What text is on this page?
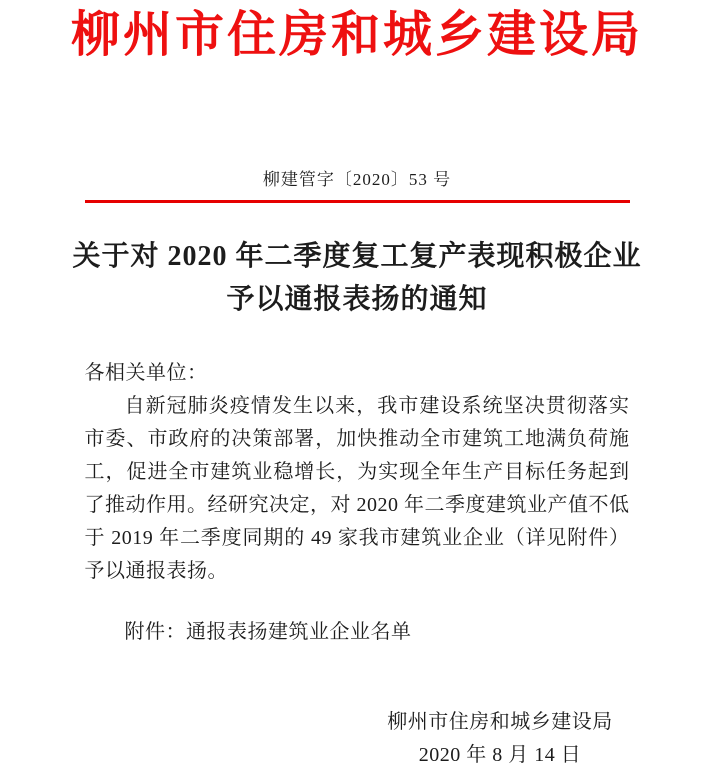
柳州市住房和城乡建设局
柳建管字〔2020〕53 号
关于对 2020 年二季度复工复产表现积极企业
予以通报表扬的通知

各相关单位：

自新冠肺炎疫情发生以来，我市建设系统坚决贯彻落实市委、市政府的决策部署，加快推动全市建筑工地满负荷施工，促进全市建筑业稳增长，为实现全年生产目标任务起到了推动作用。经研究决定，对 2020 年二季度建筑业产值不低于 2019 年二季度同期的 49 家我市建筑业企业（详见附件）予以通报表扬。

附件：通报表扬建筑业企业名单

柳州市住房和城乡建设局
2020 年 8 月 14 日
